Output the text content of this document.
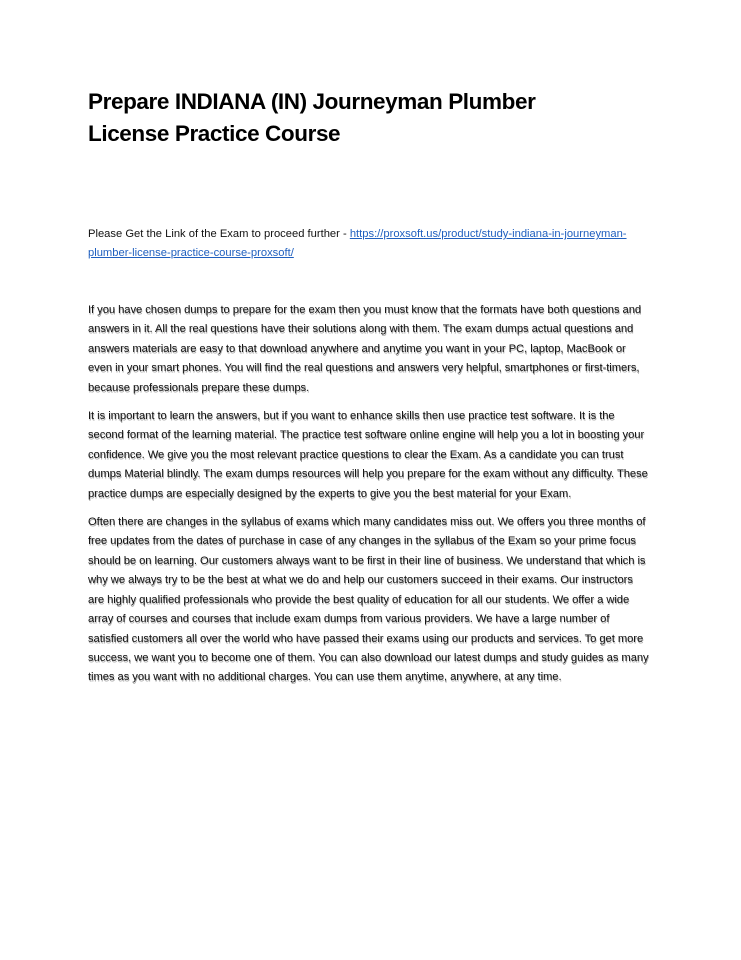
Prepare INDIANA (IN) Journeyman Plumber
License Practice Course

Please Get the Link of the Exam to proceed further - https://proxsoft.us/product/study-indiana-in-journeyman-plumber-license-practice-course-proxsoft/

If you have chosen dumps to prepare for the exam then you must know that the formats have both questions and answers in it. All the real questions have their solutions along with them. The exam dumps actual questions and answers materials are easy to that download anywhere and anytime you want in your PC, laptop, MacBook or even in your smart phones. You will find the real questions and answers very helpful, smartphones or first-timers, because professionals prepare these dumps.

It is important to learn the answers, but if you want to enhance skills then use practice test software. It is the second format of the learning material. The practice test software online engine will help you a lot in boosting your confidence. We give you the most relevant practice questions to clear the Exam. As a candidate you can trust dumps Material blindly. The exam dumps resources will help you prepare for the exam without any difficulty. These practice dumps are especially designed by the experts to give you the best material for your Exam.

Often there are changes in the syllabus of exams which many candidates miss out. We offers you three months of free updates from the dates of purchase in case of any changes in the syllabus of the Exam so your prime focus should be on learning. Our customers always want to be first in their line of business. We understand that which is why we always try to be the best at what we do and help our customers succeed in their exams. Our instructors are highly qualified professionals who provide the best quality of education for all our students. We offer a wide array of courses and courses that include exam dumps from various providers. We have a large number of satisfied customers all over the world who have passed their exams using our products and services. To get more success, we want you to become one of them. You can also download our latest dumps and study guides as many times as you want with no additional charges. You can use them anytime, anywhere, at any time.
